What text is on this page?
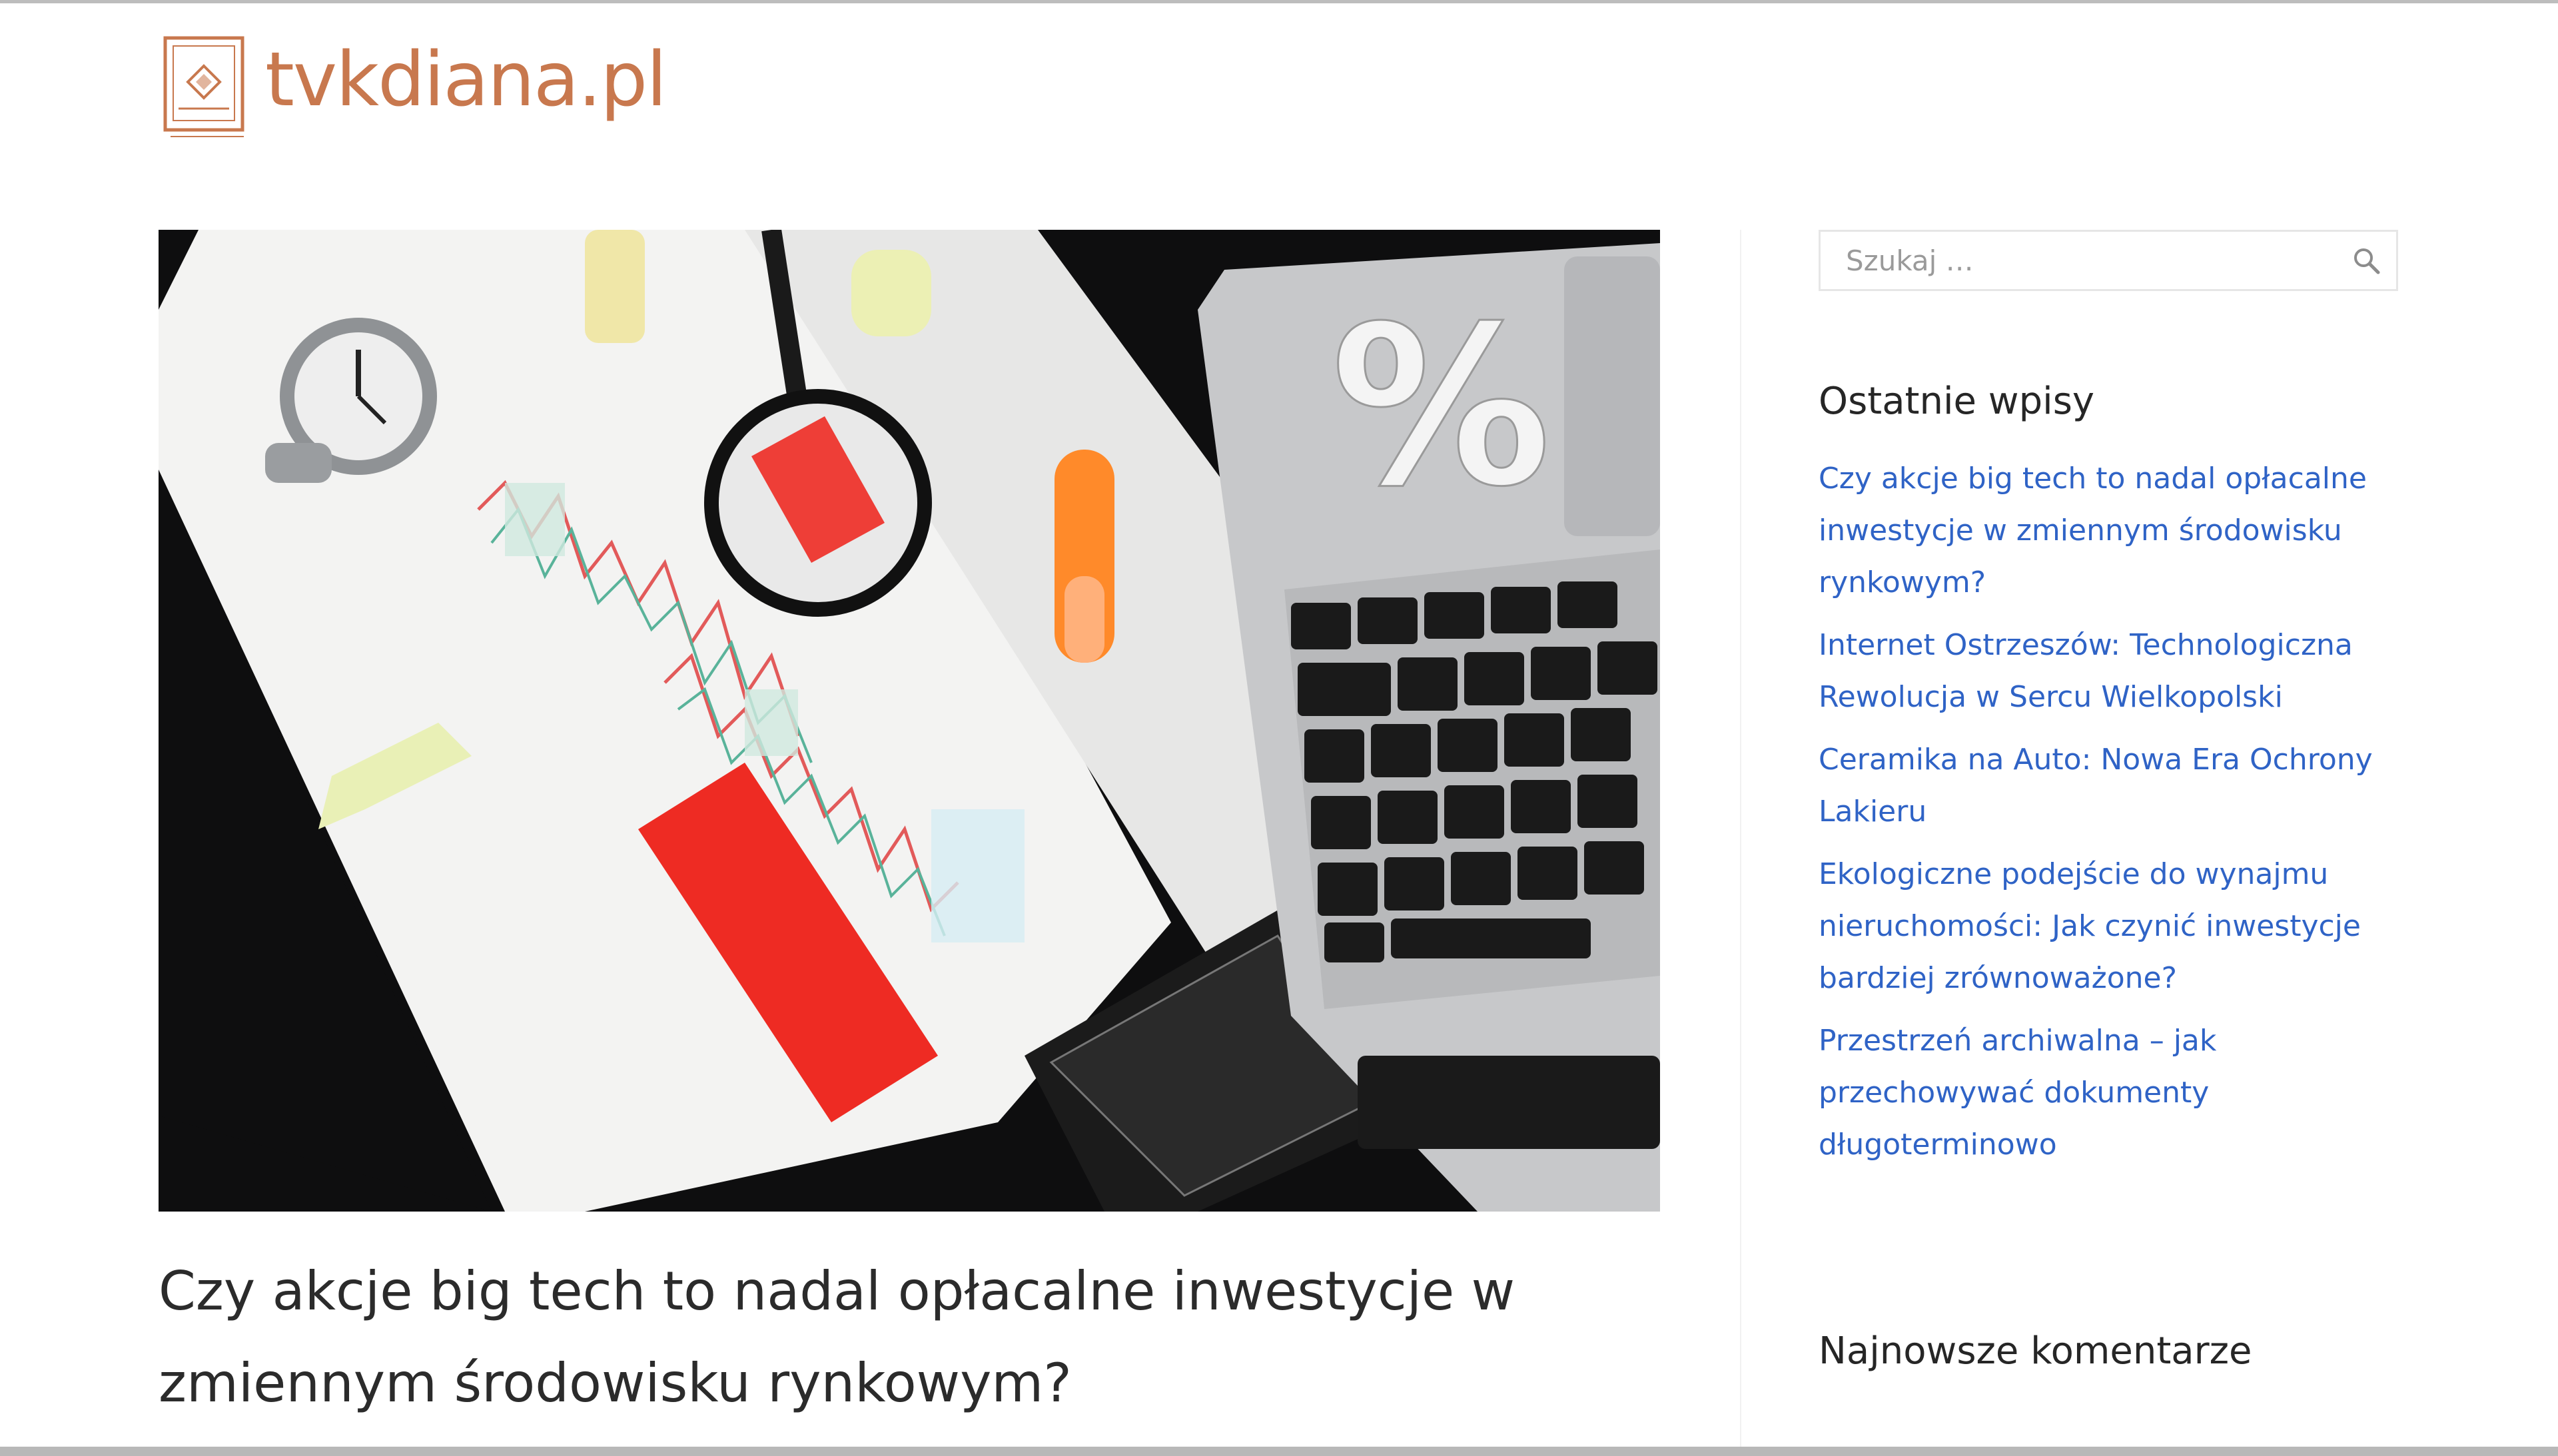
tvkdiana.pl
%
Czy akcje big tech to nadal opłacalne inwestycje w zmiennym środowisku rynkowym?
Szukaj …
Ostatnie wpisy
Czy akcje big tech to nadal opłacalne inwestycje w zmiennym środowisku rynkowym?
Internet Ostrzeszów: Technologiczna Rewolucja w Sercu Wielkopolski
Ceramika na Auto: Nowa Era Ochrony Lakieru
Ekologiczne podejście do wynajmu nieruchomości: Jak czynić inwestycje bardziej zrównoważone?
Przestrzeń archiwalna – jak przechowywać dokumenty długoterminowo
Najnowsze komentarze
